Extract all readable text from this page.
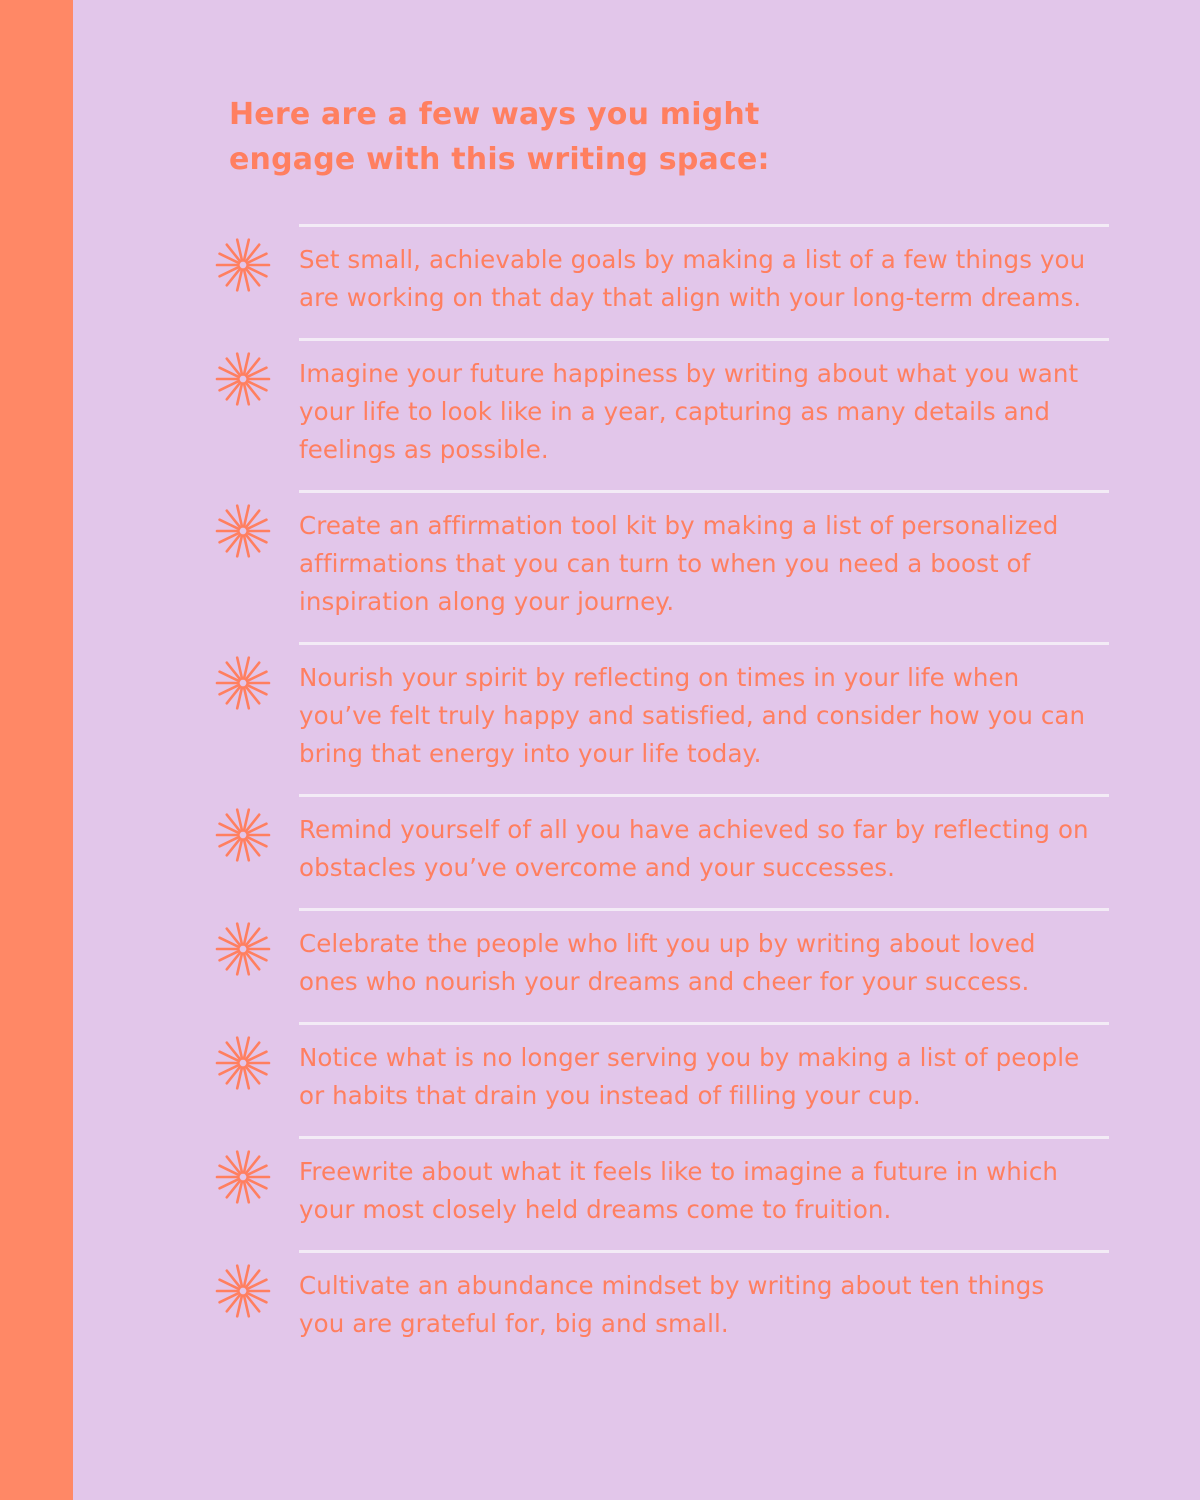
Here are a few ways you might engage with this writing space:
Set small, achievable goals by making a list of a few things you are working on that day that align with your long-term dreams.
Imagine your future happiness by writing about what you want your life to look like in a year, capturing as many details and feelings as possible.
Create an affirmation tool kit by making a list of personalized affirmations that you can turn to when you need a boost of inspiration along your journey.
Nourish your spirit by reflecting on times in your life when you’ve felt truly happy and satisfied, and consider how you can bring that energy into your life today.
Remind yourself of all you have achieved so far by reflecting on obstacles you’ve overcome and your successes.
Celebrate the people who lift you up by writing about loved ones who nourish your dreams and cheer for your success.
Notice what is no longer serving you by making a list of people or habits that drain you instead of filling your cup.
Freewrite about what it feels like to imagine a future in which your most closely held dreams come to fruition.
Cultivate an abundance mindset by writing about ten things you are grateful for, big and small.
